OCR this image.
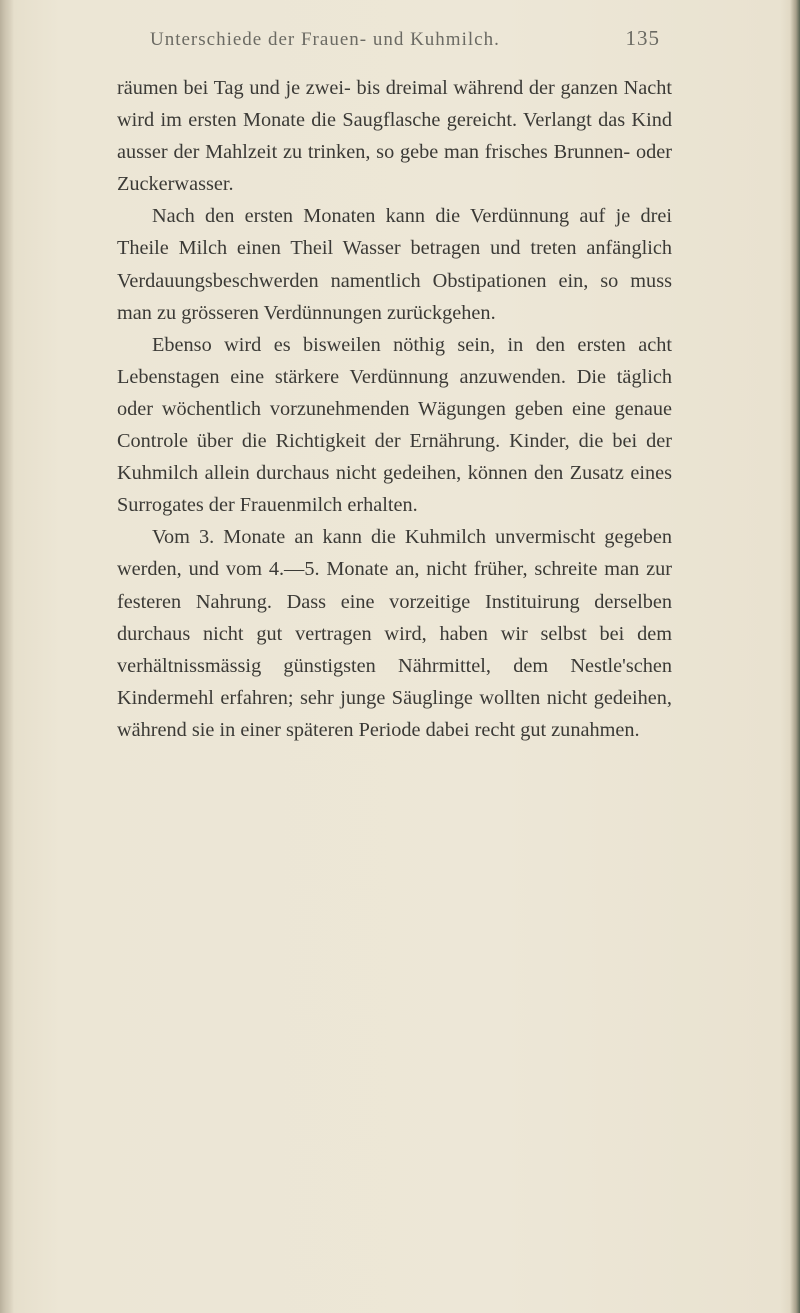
Unterschiede der Frauen- und Kuhmilch.	135

räumen bei Tag und je zwei- bis dreimal während der ganzen Nacht wird im ersten Monate die Saugflasche gereicht. Verlangt das Kind ausser der Mahlzeit zu trinken, so gebe man frisches Brunnen- oder Zuckerwasser.

Nach den ersten Monaten kann die Verdünnung auf je drei Theile Milch einen Theil Wasser betragen und treten anfänglich Verdauungsbeschwerden namentlich Obstipationen ein, so muss man zu grösseren Verdünnungen zurückgehen.

Ebenso wird es bisweilen nöthig sein, in den ersten acht Lebenstagen eine stärkere Verdünnung anzuwenden. Die täglich oder wöchentlich vorzunehmenden Wägungen geben eine genaue Controle über die Richtigkeit der Ernährung. Kinder, die bei der Kuhmilch allein durchaus nicht gedeihen, können den Zusatz eines Surrogates der Frauenmilch erhalten.

Vom 3. Monate an kann die Kuhmilch unvermischt gegeben werden, und vom 4.—5. Monate an, nicht früher, schreite man zur festeren Nahrung. Dass eine vorzeitige Instituirung derselben durchaus nicht gut vertragen wird, haben wir selbst bei dem verhältnissmässig günstigsten Nährmittel, dem Nestle'schen Kindermehl erfahren; sehr junge Säuglinge wollten nicht gedeihen, während sie in einer späteren Periode dabei recht gut zunahmen.
